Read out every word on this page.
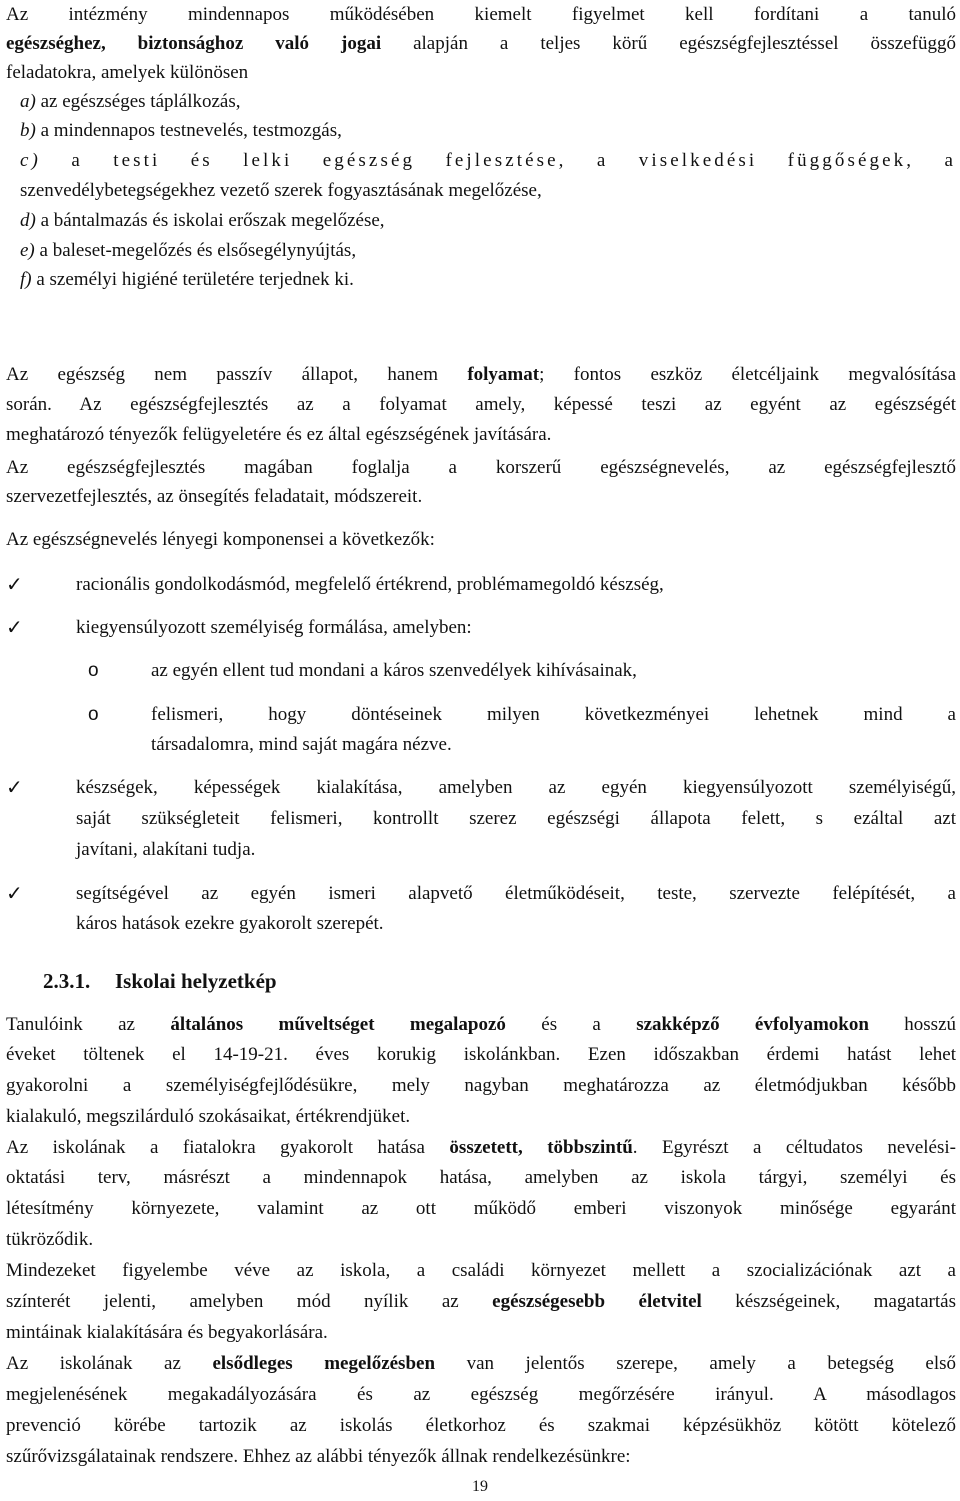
Az intézmény mindennapos működésében kiemelt figyelmet kell fordítani a tanuló
egészséghez, biztonsághoz való jogai alapján a teljes körű egészségfejlesztéssel összefüggő
feladatokra, amelyek különösen
a) az egészséges táplálkozás,
b) a mindennapos testnevelés, testmozgás,
c) a testi és lelki egészség fejlesztése, a viselkedési függőségek, a
szenvedélybetegségekhez vezető szerek fogyasztásának megelőzése,
d) a bántalmazás és iskolai erőszak megelőzése,
e) a baleset-megelőzés és elsősegélynyújtás,
f) a személyi higiéné területére terjednek ki.
Az egészség nem passzív állapot, hanem folyamat; fontos eszköz életcéljaink megvalósítása
során. Az egészségfejlesztés az a folyamat amely, képessé teszi az egyént az egészségét
meghatározó tényezők felügyeletére és ez által egészségének javítására.
Az egészségfejlesztés magában foglalja a korszerű egészségnevelés, az egészségfejlesztő
szervezetfejlesztés, az önsegítés feladatait, módszereit.
Az egészségnevelés lényegi komponensei a következők:
✓	racionális gondolkodásmód, megfelelő értékrend, problémamegoldó készség,
✓	kiegyensúlyozott személyiség formálása, amelyben:
o	az egyén ellent tud mondani a káros szenvedélyek kihívásainak,
o	felismeri, hogy döntéseinek milyen következményei lehetnek mind a
társadalomra, mind saját magára nézve.
✓	készségek, képességek kialakítása, amelyben az egyén kiegyensúlyozott személyiségű,
saját szükségleteit felismeri, kontrollt szerez egészségi állapota felett, s ezáltal azt
javítani, alakítani tudja.
✓	segítségével az egyén ismeri alapvető életműködéseit, teste, szervezte felépítését, a
káros hatások ezekre gyakorolt szerepét.
2.3.1. Iskolai helyzetkép
Tanulóink az általános műveltséget megalapozó és a szakképző évfolyamokon hosszú
éveket töltenek el 14-19-21. éves korukig iskolánkban. Ezen időszakban érdemi hatást lehet
gyakorolni a személyiségfejlődésükre, mely nagyban meghatározza az életmódjukban később
kialakuló, megszilárduló szokásaikat, értékrendjüket.
Az iskolának a fiatalokra gyakorolt hatása összetett, többszintű. Egyrészt a céltudatos nevelési-
oktatási terv, másrészt a mindennapok hatása, amelyben az iskola tárgyi, személyi és
létesítmény környezete, valamint az ott működő emberi viszonyok minősége egyaránt
tükröződik.
Mindezeket figyelembe véve az iskola, a családi környezet mellett a szocializációnak azt a
színterét jelenti, amelyben mód nyílik az egészségesebb életvitel készségeinek, magatartás
mintáinak kialakítására és begyakorlására.
Az iskolának az elsődleges megelőzésben van jelentős szerepe, amely a betegség első
megjelenésének megakadályozására és az egészség megőrzésére irányul. A másodlagos
prevenció körébe tartozik az iskolás életkorhoz és szakmai képzésükhöz kötött kötelező
szűrővizsgálatainak rendszere. Ehhez az alábbi tényezők állnak rendelkezésünkre:
19
